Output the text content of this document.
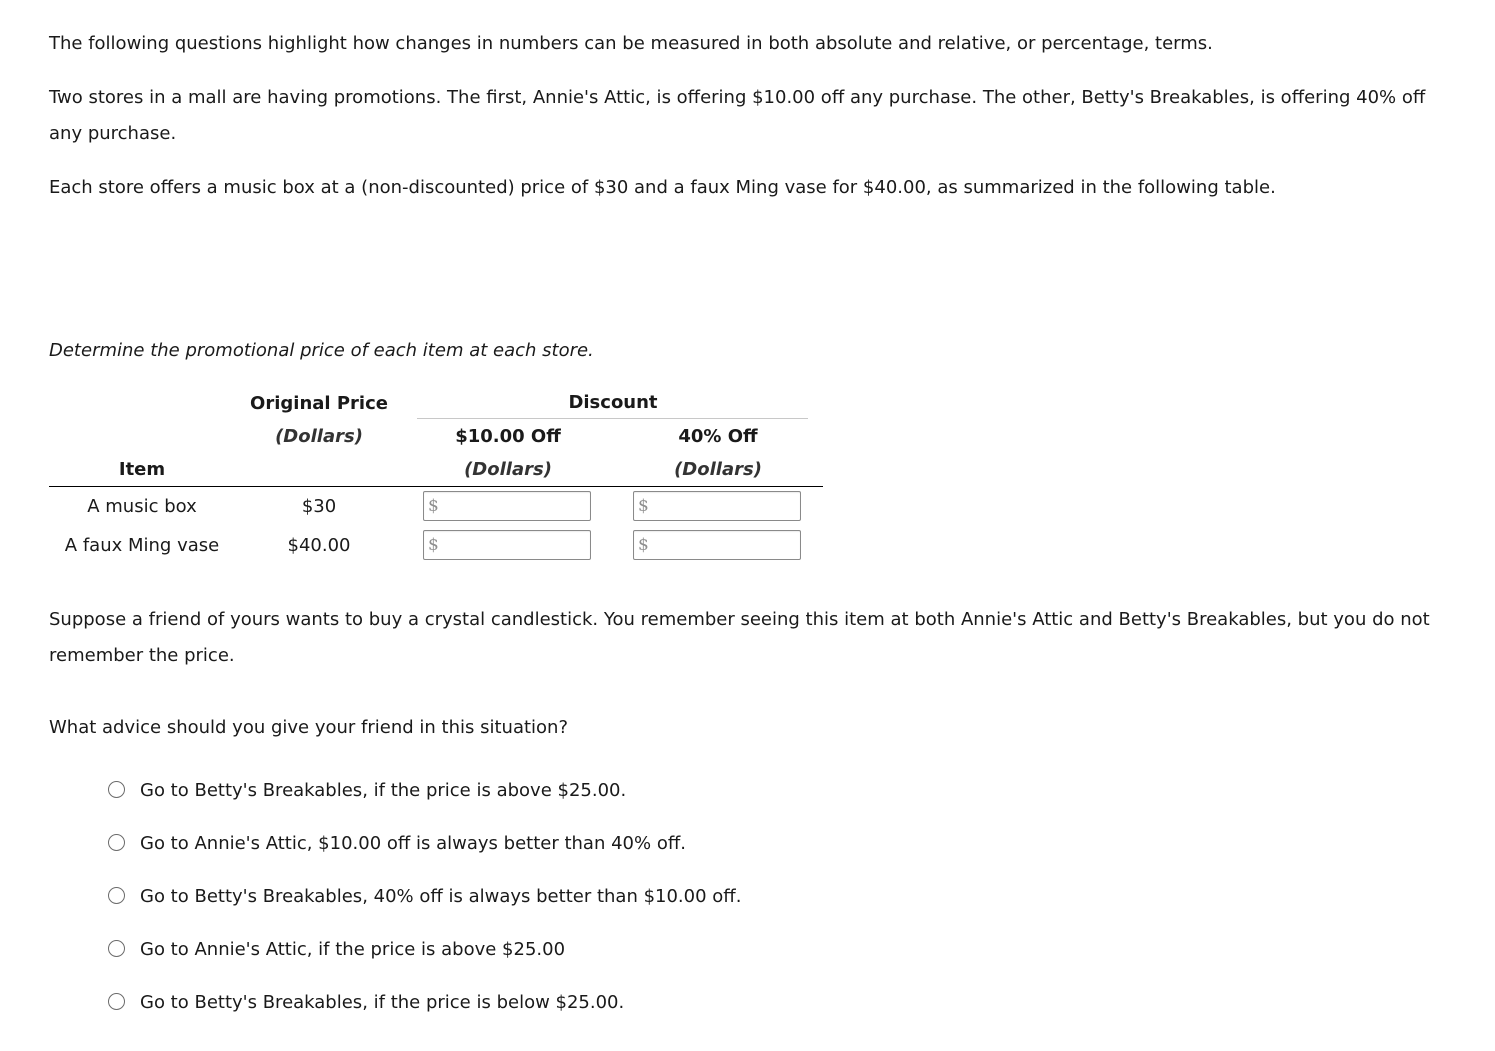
The following questions highlight how changes in numbers can be measured in both absolute and relative, or percentage, terms.

Two stores in a mall are having promotions. The first, Annie's Attic, is offering $10.00 off any purchase. The other, Betty's Breakables, is offering 40% off any purchase.

Each store offers a music box at a (non-discounted) price of $30 and a faux Ming vase for $40.00, as summarized in the following table.

Determine the promotional price of each item at each store.

Original Price	Discount
(Dollars)	$10.00 Off	40% Off
Item	(Dollars)	(Dollars)
A music box	$30	$	$
A faux Ming vase	$40.00	$	$

Suppose a friend of yours wants to buy a crystal candlestick. You remember seeing this item at both Annie's Attic and Betty's Breakables, but you do not remember the price.

What advice should you give your friend in this situation?

Go to Betty's Breakables, if the price is above $25.00.
Go to Annie's Attic, $10.00 off is always better than 40% off.
Go to Betty's Breakables, 40% off is always better than $10.00 off.
Go to Annie's Attic, if the price is above $25.00
Go to Betty's Breakables, if the price is below $25.00.
